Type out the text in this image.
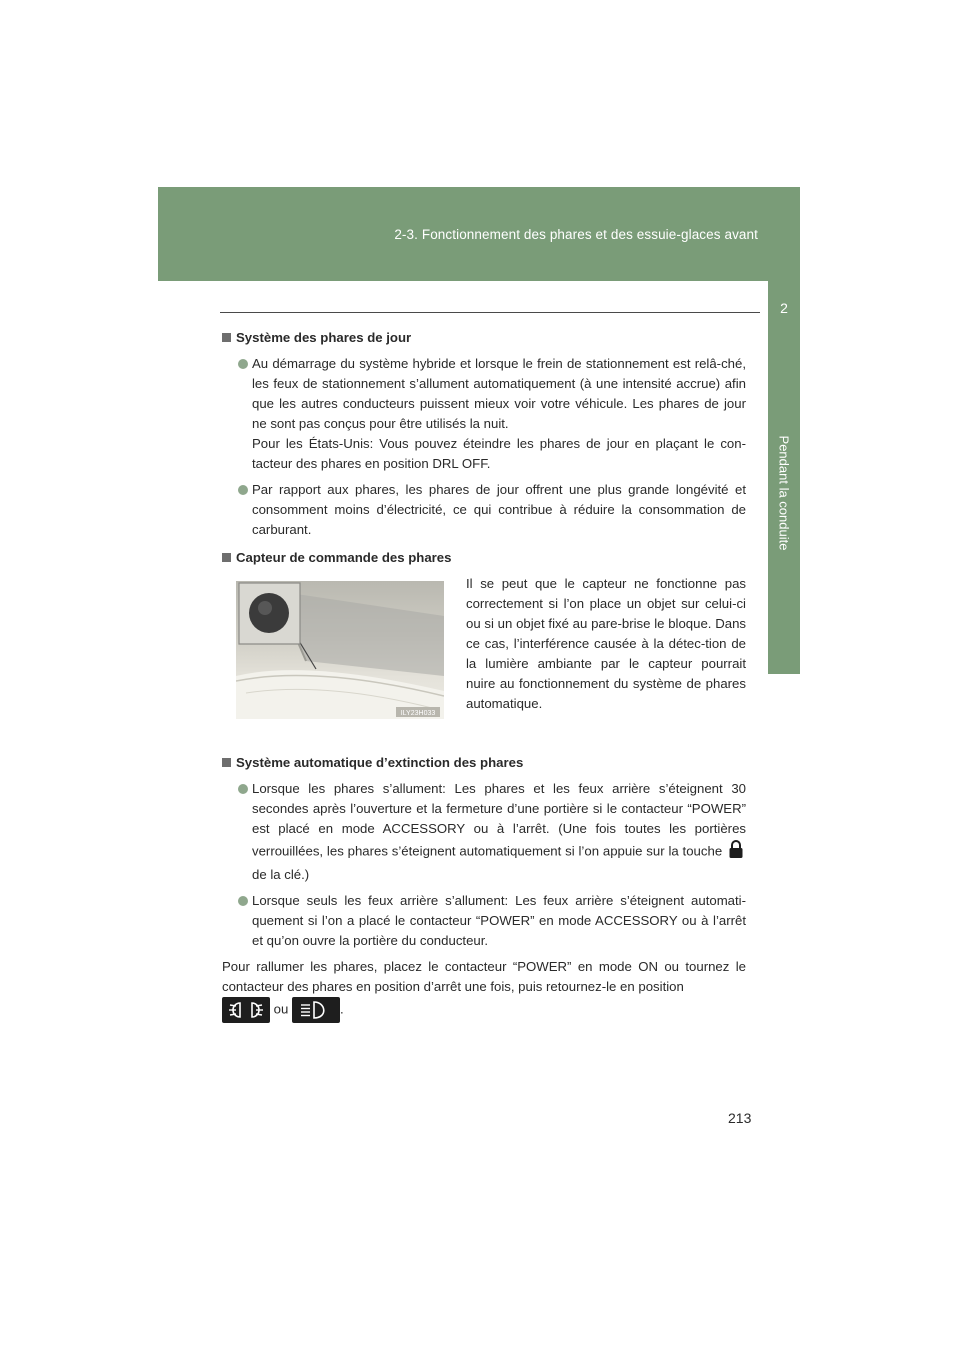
2-3. Fonctionnement des phares et des essuie-glaces avant
2
Pendant la conduite
Système des phares de jour
Au démarrage du système hybride et lorsque le frein de stationnement est relâ-ché, les feux de stationnement s’allument automatiquement (à une intensité accrue) afin que les autres conducteurs puissent mieux voir votre véhicule. Les phares de jour ne sont pas conçus pour être utilisés la nuit.
Pour les États-Unis: Vous pouvez éteindre les phares de jour en plaçant le con-tacteur des phares en position DRL OFF.
Par rapport aux phares, les phares de jour offrent une plus grande longévité et consomment moins d’électricité, ce qui contribue à réduire la consommation de carburant.
Capteur de commande des phares
ILY23H033
Il se peut que le capteur ne fonctionne pas correctement si l’on place un objet sur celui-ci ou si un objet fixé au pare-brise le bloque. Dans ce cas, l’interférence causée à la détec-tion de la lumière ambiante par le capteur pourrait nuire au fonctionnement du système de phares automatique.
Système automatique d’extinction des phares
Lorsque les phares s’allument: Les phares et les feux arrière s’éteignent 30 secondes après l’ouverture et la fermeture d’une portière si le contacteur “POWER” est placé en mode ACCESSORY ou à l’arrêt. (Une fois toutes les portières verrouillées, les phares s’éteignent automatiquement si l’on appuie sur la touche  de la clé.)
Lorsque seuls les feux arrière s’allument: Les feux arrière s’éteignent automati-quement si l’on a placé le contacteur “POWER” en mode ACCESSORY ou à l’arrêt et qu’on ouvre la portière du conducteur.

Pour rallumer les phares, placez le contacteur “POWER” en mode ON ou tournez le contacteur des phares en position d’arrêt une fois, puis retournez-le en position
ou	.

213
